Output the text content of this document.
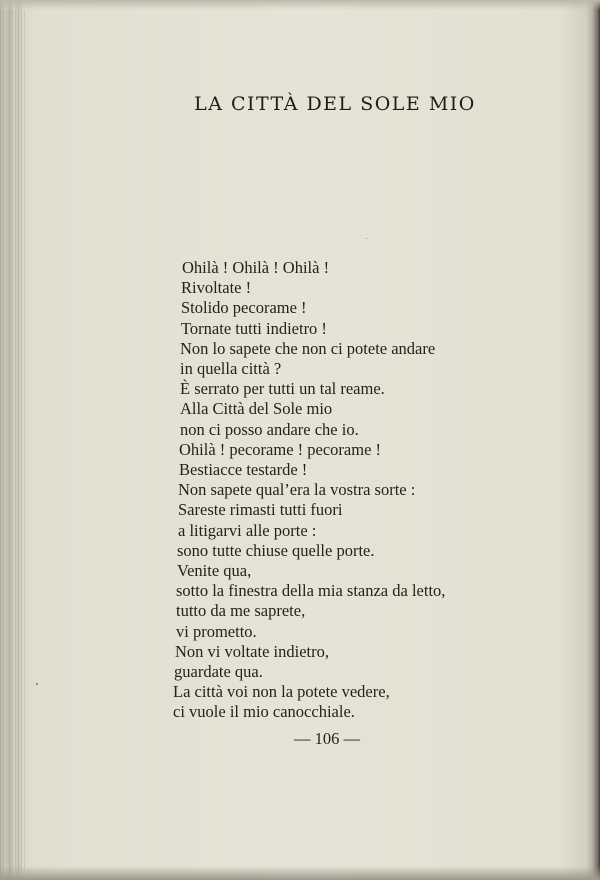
LA CITTÀ DEL SOLE MIO
Ohilà ! Ohilà ! Ohilà !
Rivoltate !
Stolido pecorame !
Tornate tutti indietro !
Non lo sapete che non ci potete andare
in quella città ?
È serrato per tutti un tal reame.
Alla Città del Sole mio
non ci posso andare che io.
Ohilà ! pecorame ! pecorame !
Bestiacce testarde !
Non sapete qual’era la vostra sorte :
Sareste rimasti tutti fuori
a litigarvi alle porte :
sono tutte chiuse quelle porte.
Venite qua,
sotto la finestra della mia stanza da letto,
tutto da me saprete,
vi prometto.
Non vi voltate indietro,
guardate qua.
La città voi non la potete vedere,
ci vuole il mio canocchiale.
— 106 —
